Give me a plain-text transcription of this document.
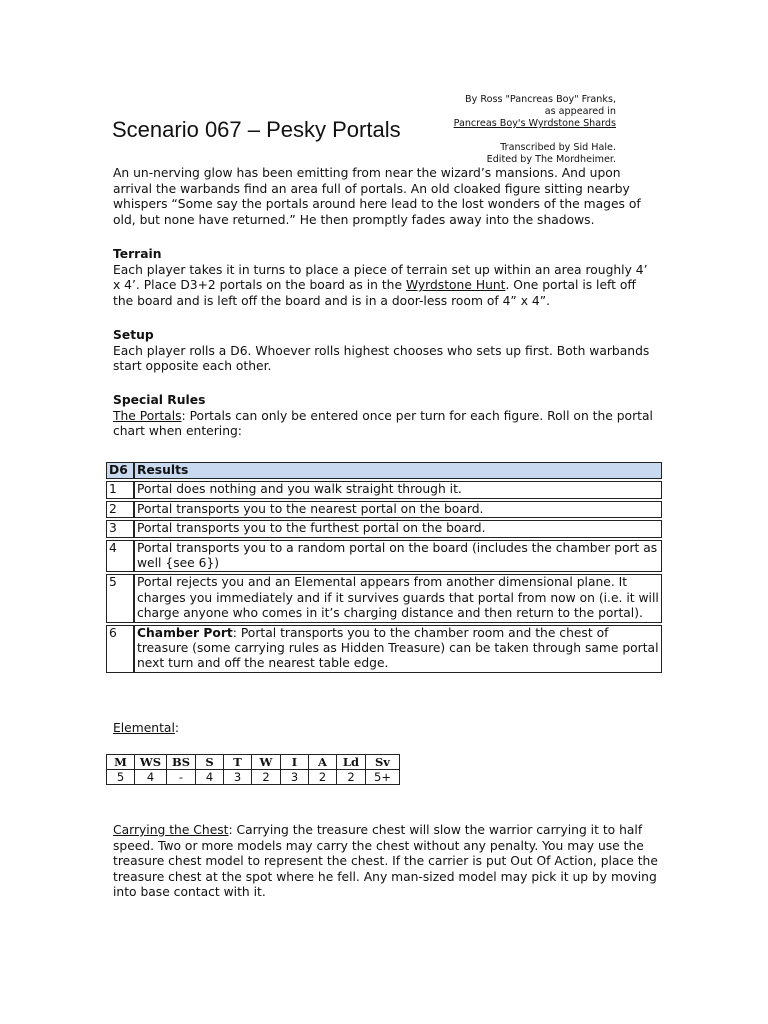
By Ross "Pancreas Boy" Franks,
as appeared in
Pancreas Boy's Wyrdstone Shards
Transcribed by Sid Hale.
Edited by The Mordheimer.
Scenario 067 – Pesky Portals
An un-nerving glow has been emitting from near the wizard’s mansions. And upon arrival the warbands find an area full of portals. An old cloaked figure sitting nearby whispers “Some say the portals around here lead to the lost wonders of the mages of old, but none have returned.” He then promptly fades away into the shadows.
Terrain
Each player takes it in turns to place a piece of terrain set up within an area roughly 4’ x 4’. Place D3+2 portals on the board as in the Wyrdstone Hunt. One portal is left off the board and is left off the board and is in a door-less room of 4” x 4”.
Setup
Each player rolls a D6. Whoever rolls highest chooses who sets up first. Both warbands start opposite each other.
Special Rules
The Portals: Portals can only be entered once per turn for each figure. Roll on the portal chart when entering:
D6	Results
1	Portal does nothing and you walk straight through it.
2	Portal transports you to the nearest portal on the board.
3	Portal transports you to the furthest portal on the board.
4	Portal transports you to a random portal on the board (includes the chamber port as well {see 6})
5	Portal rejects you and an Elemental appears from another dimensional plane. It charges you immediately and if it survives guards that portal from now on (i.e. it will charge anyone who comes in it’s charging distance and then return to the portal).
6	Chamber Port: Portal transports you to the chamber room and the chest of treasure (some carrying rules as Hidden Treasure) can be taken through same portal next turn and off the nearest table edge.
Elemental:
M	WS	BS	S	T	W	I	A	Ld	Sv
5	4	-	4	3	2	3	2	2	5+
Carrying the Chest: Carrying the treasure chest will slow the warrior carrying it to half speed. Two or more models may carry the chest without any penalty. You may use the treasure chest model to represent the chest. If the carrier is put Out Of Action, place the treasure chest at the spot where he fell. Any man-sized model may pick it up by moving into base contact with it.
